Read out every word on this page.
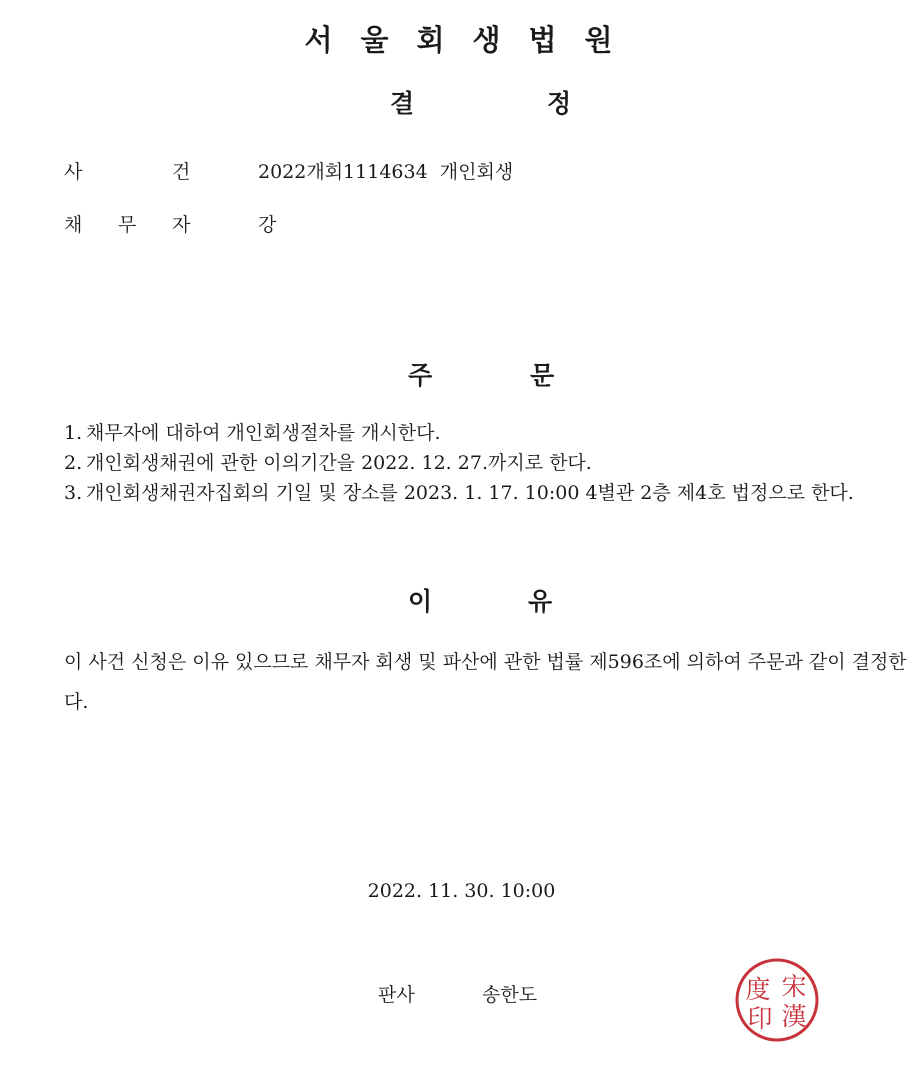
서울회생법원
결	정
사	건	2022개회1114634  개인회생
채 무 자	강
주	문
1. 채무자에 대하여 개인회생절차를 개시한다.
2. 개인회생채권에 관한 이의기간을 2022. 12. 27.까지로 한다.
3. 개인회생채권자집회의 기일 및 장소를 2023. 1. 17. 10:00 4별관 2층 제4호 법정으로 한다.
이	유
이 사건 신청은 이유 있으므로 채무자 회생 및 파산에 관한 법률 제596조에 의하여 주문과 같이 결정한다.
2022. 11. 30. 10:00
판사	송한도	度 宋
印 漢
